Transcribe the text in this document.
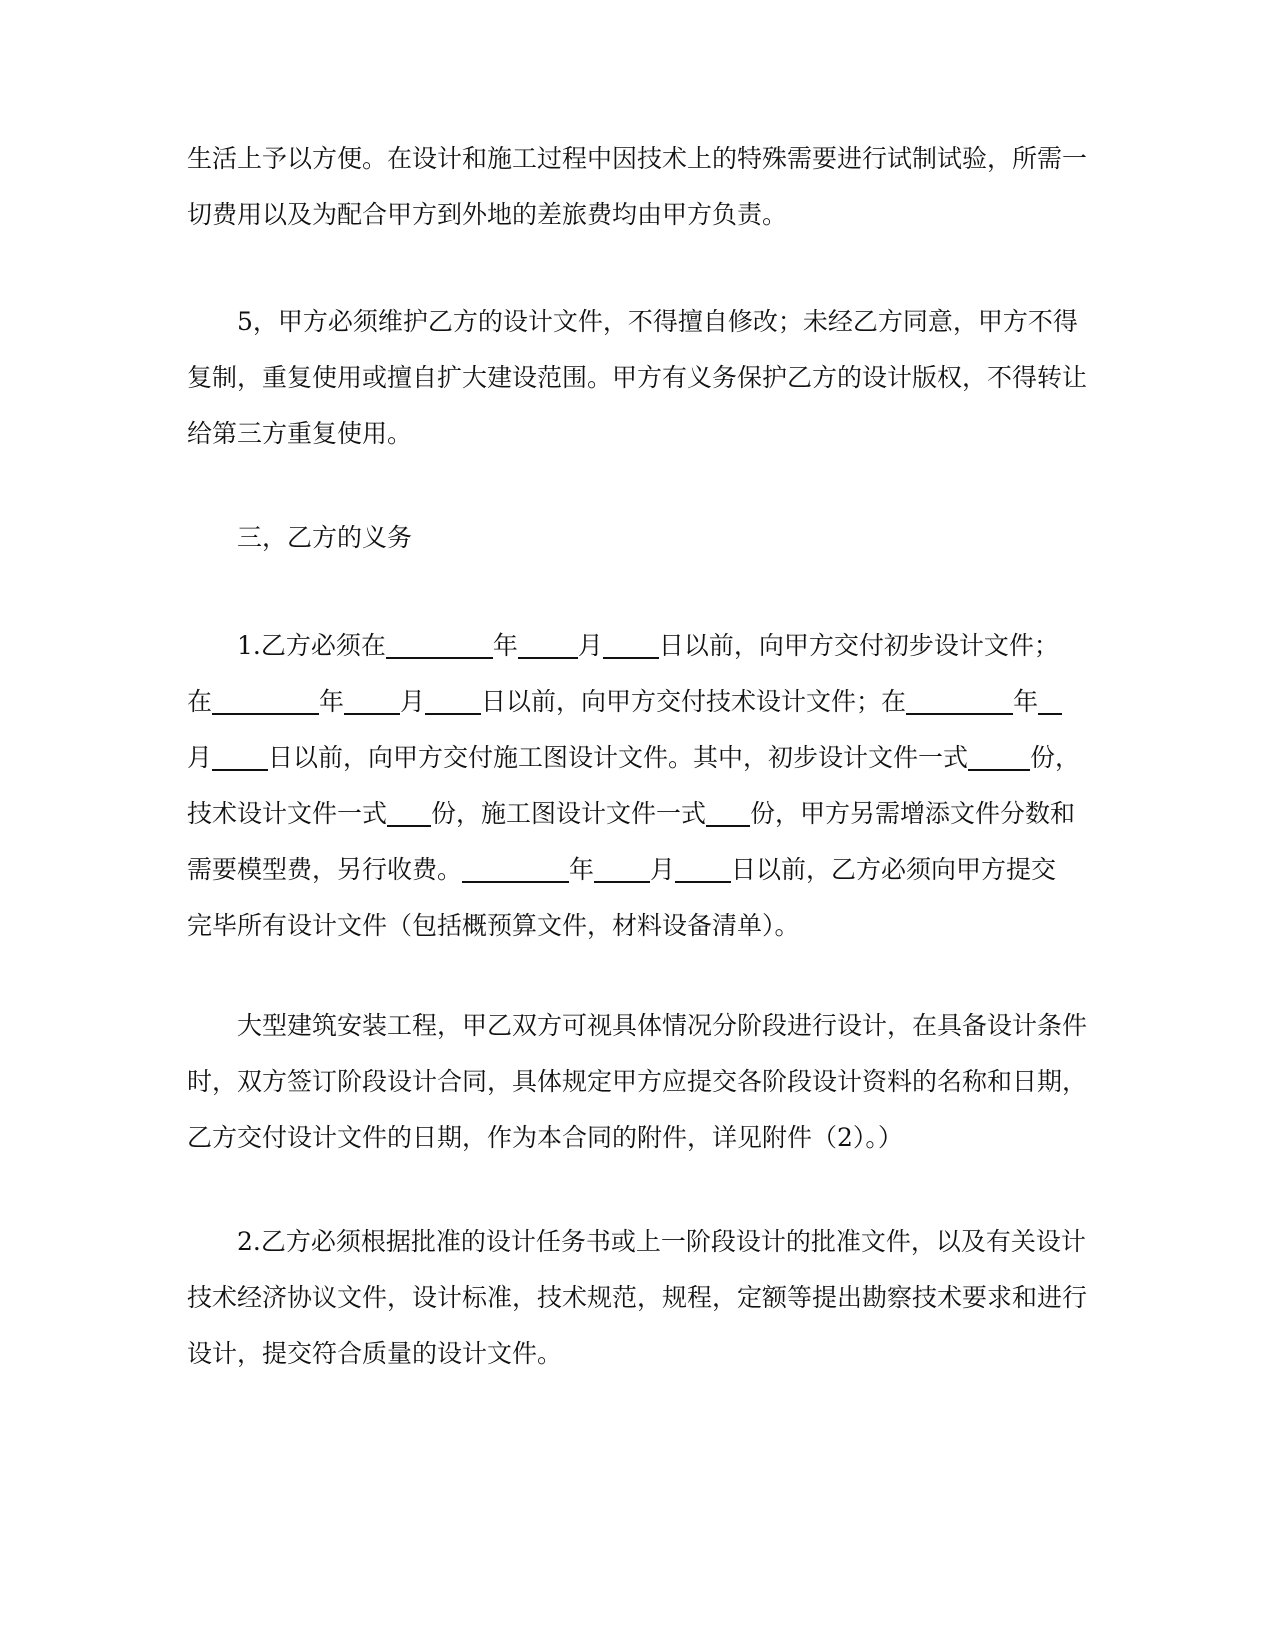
生活上予以方便。在设计和施工过程中因技术上的特殊需要进行试制试验，所需一
切费用以及为配合甲方到外地的差旅费均由甲方负责。
5，甲方必须维护乙方的设计文件，不得擅自修改；未经乙方同意，甲方不得
复制，重复使用或擅自扩大建设范围。甲方有义务保护乙方的设计版权，不得转让
给第三方重复使用。
三，乙方的义务
1.乙方必须在	年 月 日以前，向甲方交付初步设计文件；
在	年 月 日以前，向甲方交付技术设计文件；在	年
月 日以前，向甲方交付施工图设计文件。其中，初步设计文件一式 份，
技术设计文件一式 份，施工图设计文件一式 份，甲方另需增添文件分数和
需要模型费，另行收费。	年 月 日以前，乙方必须向甲方提交
完毕所有设计文件（包括概预算文件，材料设备清单）。
大型建筑安装工程，甲乙双方可视具体情况分阶段进行设计，在具备设计条件
时，双方签订阶段设计合同，具体规定甲方应提交各阶段设计资料的名称和日期，
乙方交付设计文件的日期，作为本合同的附件，详见附件（2）。）
2.乙方必须根据批准的设计任务书或上一阶段设计的批准文件，以及有关设计
技术经济协议文件，设计标准，技术规范，规程，定额等提出勘察技术要求和进行
设计，提交符合质量的设计文件。
